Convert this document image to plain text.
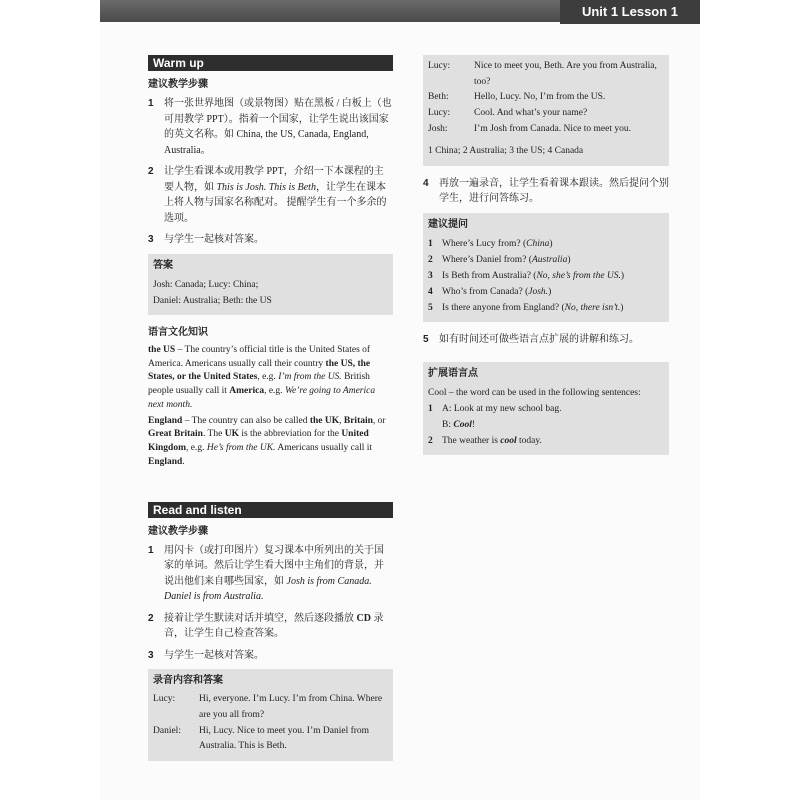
Unit 1 Lesson 1
Warm up
建议教学步骤
1	将一张世界地图（或景物图）贴在黑板 / 白板上（也可用教学 PPT）。指着一个国家，让学生说出该国家的英文名称。如 China, the US, Canada, England, Australia。
2	让学生看课本或用教学 PPT，介绍一下本课程的主要人物，如 This is Josh. This is Beth，让学生在课本上将人物与国家名称配对。 提醒学生有一个多余的选项。
3	与学生一起核对答案。
答案
Josh: Canada; Lucy: China;
Daniel: Australia; Beth: the US
语言文化知识

the US – The country’s official title is the United States of America. Americans usually call their country the US, the States, or the United States, e.g. I’m from the US. British people usually call it America, e.g. We’re going to America next month.

England – The country can also be called the UK, Britain, or Great Britain. The UK is the abbreviation for the United Kingdom, e.g. He’s from the UK. Americans usually call it England.

Read and listen
建议教学步骤
1	用闪卡（或打印图片）复习课本中所列出的关于国家的单词。然后让学生看大图中主角们的背景，并说出他们来自哪些国家，如 Josh is from Canada. Daniel is from Australia.
2	接着让学生默读对话并填空，然后逐段播放 CD 录音，让学生自己检查答案。
3	与学生一起核对答案。
录音内容和答案
Lucy:	Hi, everyone. I’m Lucy. I’m from China. Where are you all from?
Daniel:	Hi, Lucy. Nice to meet you. I’m Daniel from Australia. This is Beth.
Lucy:	Nice to meet you, Beth. Are you from Australia, too?
Beth:	Hello, Lucy. No, I’m from the US.
Lucy:	Cool. And what’s your name?
Josh:	I’m Josh from Canada. Nice to meet you.
1 China; 2 Australia; 3 the US; 4 Canada
4	再放一遍录音，让学生看着课本跟读。然后提问个别学生，进行问答练习。
建议提问
1 Where’s Lucy from? (China)
2 Where’s Daniel from? (Australia)
3 Is Beth from Australia? (No, she’s from the US.)
4 Who’s from Canada? (Josh.)
5 Is there anyone from England? (No, there isn’t.)
5	如有时间还可做些语言点扩展的讲解和练习。
扩展语言点
Cool – the word can be used in the following sentences:
1 A: Look at my new school bag.
B: Cool!
2 The weather is cool today.
